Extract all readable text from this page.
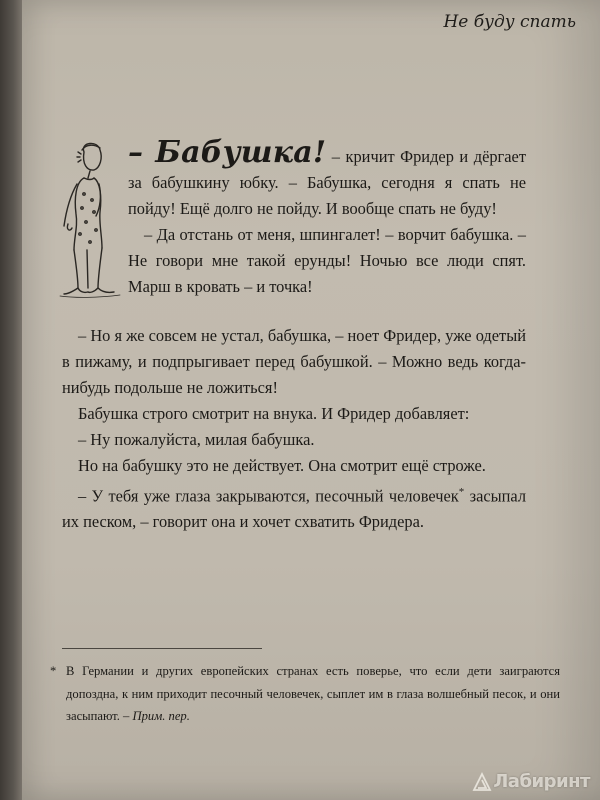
Не буду спать

– Бабушка! – кричит Фридер и дёргает за бабушкину юбку. – Бабушка, сегодня я спать не пойду! Ещё долго не пойду. И вообще спать не буду!

– Да отстань от меня, шпингалет! – ворчит бабушка. – Не говори мне такой ерунды! Ночью все люди спят. Марш в кровать – и точка!

– Но я же совсем не устал, бабушка, – ноет Фридер, уже одетый в пижаму, и подпрыгивает перед бабушкой. – Можно ведь когда-нибудь подольше не ложиться!

Бабушка строго смотрит на внука. И Фридер добавляет:

– Ну пожалуйста, милая бабушка.

Но на бабушку это не действует. Она смотрит ещё строже.

– У тебя уже глаза закрываются, песочный человечек* засыпал их песком, – говорит она и хочет схватить Фридера.

* В Германии и других европейских странах есть поверье, что если дети заиграются допоздна, к ним приходит песочный человечек, сыплет им в глаза волшебный песок, и они засыпают. – Прим. пер.
Лабиринт
